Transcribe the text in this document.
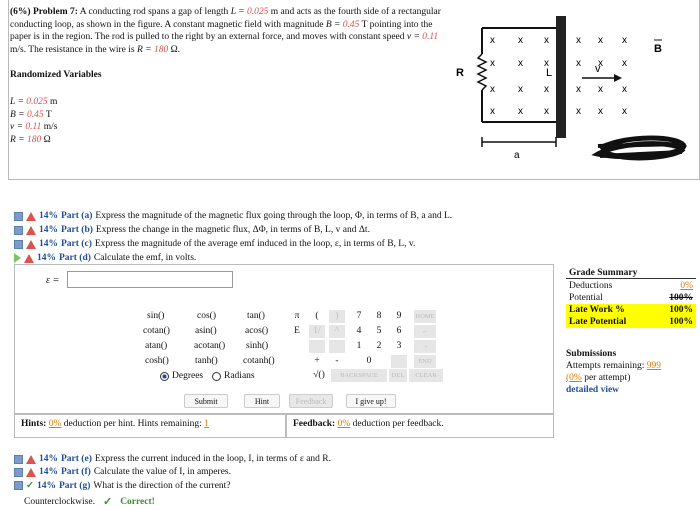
(6%) Problem 7: A conducting rod spans a gap of length L = 0.025 m and acts as the fourth side of a rectangular conducting loop, as shown in the figure. A constant magnetic field with magnitude B = 0.45 T pointing into the paper is in the region. The rod is pulled to the right by an external force, and moves with constant speed v = 0.11 m/s. The resistance in the wire is R = 180 Ω.
Randomized Variables
L = 0.025 m
B = 0.45 T
v = 0.11 m/s
R = 180 Ω
R	L	v
B
x x x	x x x
x x x	x x x
x x x	x x x
x x x	x x x
a
14% Part (a) Express the magnitude of the magnetic flux going through the loop, Φ, in terms of B, a and L.
14% Part (b) Express the change in the magnetic flux, ΔΦ, in terms of B, L, v and Δt.
14% Part (c) Express the magnitude of the average emf induced in the loop, ε, in terms of B, L, v.
14% Part (d) Calculate the emf, in volts.
ε =
sin()	cos()	tan()
cotan()	asin()	acos()
atan()	acotan() sinh()
cosh()	tanh()	cotanh()
Degrees Radians
π	(	)	7	8	9	HOME
E	1/	^	4	5	6	←
1	2	3	→
+	-	0	END
√()	BACKSPACE	DEL	CLEAR
Submit	Hint	Feedback	I give up!
Hints: 0% deduction per hint. Hints remaining: 1	Feedback: 0% deduction per feedback.
Grade Summary
Deductions	0%
Potential	100%
Late Work %	100%
Late Potential	100%
Submissions
Attempts remaining: 999
(0% per attempt)
detailed view
14% Part (e) Express the current induced in the loop, I, in terms of ε and R.
14% Part (f) Calculate the value of I, in amperes.
✓ 14% Part (g) What is the direction of the current?
Counterclockwise. ✓ Correct!
